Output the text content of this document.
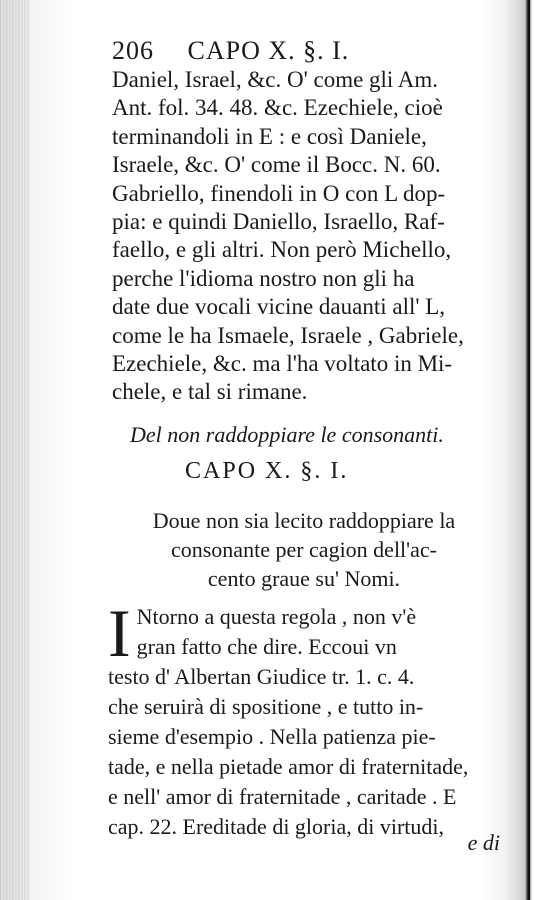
206 CAPO X. §. I.
Daniel, Israel, &c. O' come gli Am.
Ant. fol. 34. 48. &c. Ezechiele, cioè
terminandoli in E : e così Daniele,
Israele, &c. O' come il Bocc. N. 60.
Gabriello, finendoli in O con L dop-
pia: e quindi Daniello, Israello, Raf-
faello, e gli altri. Non però Michello,
perche l'idioma nostro non gli ha
date due vocali vicine dauanti all' L,
come le ha Ismaele, Israele , Gabriele,
Ezechiele, &c. ma l'ha voltato in Mi-
chele, e tal si rimane.
Del non raddoppiare le consonanti.
CAPO X. §. I.
Doue non sia lecito raddoppiare la
consonante per cagion dell'ac-
cento graue su' Nomi.
I Ntorno a questa regola , non v'è
gran fatto che dire. Eccoui vn
testo d' Albertan Giudice tr. 1. c. 4.
che seruirà di spositione , e tutto in-
sieme d'esempio . Nella patienza pie-
tade, e nella pietade amor di fraternitade,
e nell' amor di fraternitade , caritade . E
cap. 22. Ereditade di gloria, di virtudi,
e di
